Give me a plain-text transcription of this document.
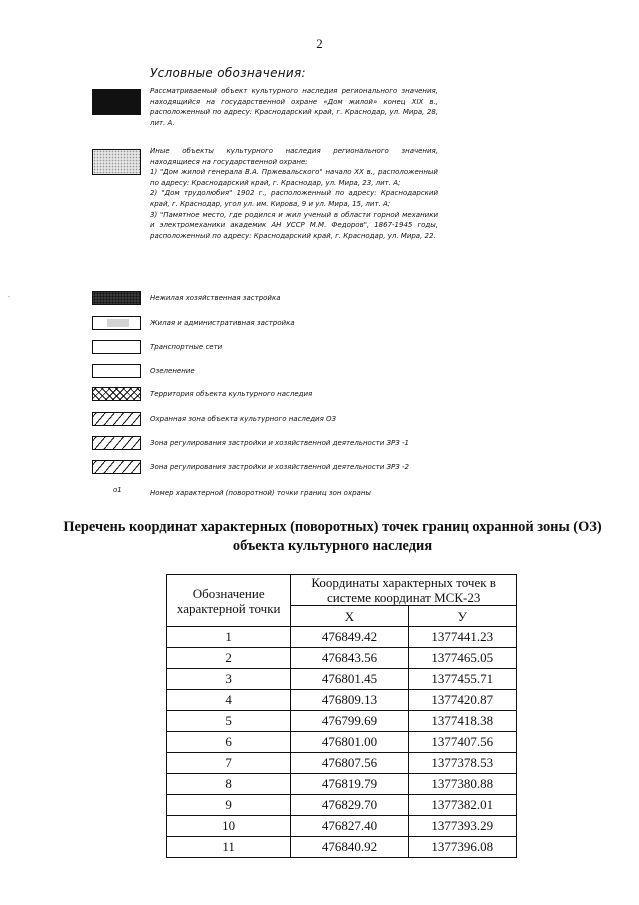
2
Условные обозначения:

Рассматриваемый объект культурного наследия регионального значения, находящийся на государственной охране «Дом жилой» конец XIX в., расположенный по адресу: Краснодарский край, г. Краснодар, ул. Мира, 28, лит. А.

Иные объекты культурного наследия регионального значения, находящиеся на государственной охране:

1) "Дом жилой генерала В.А. Пржевальского" начало XX в., расположенный по адресу: Краснодарский край, г. Краснодар, ул. Мира, 23, лит. А;

2) "Дом трудолюбия" 1902 г., расположенный по адресу: Краснодарский край, г. Краснодар, угол ул. им. Кирова, 9 и ул. Мира, 15, лит. А;

3) "Памятное место, где родился и жил ученый в области горной механики и электромеханики академик АН УССР М.М. Федоров", 1867-1945 годы, расположенный по адресу: Краснодарский край, г. Краснодар, ул. Мира, 22.

.	Нежилая хозяйственная застройка
Жилая и административная застройка
Транспортные сети
Озеленение
Территория объекта культурного наследия
Охранная зона объекта культурного наследия ОЗ
Зона регулирования застройки и хозяйственной деятельности ЗРЗ -1
Зона регулирования застройки и хозяйственной деятельности ЗРЗ -2
о1	Номер характерной (поворотной) точки границ зон охраны
Перечень координат характерных (поворотных) точек границ охранной зоны (ОЗ) объекта культурного наследия
Обозначение характерной точки	Координаты характерных точек в системе координат МСК-23	
	X	У
1	476849.42	1377441.23
2	476843.56	1377465.05
3	476801.45	1377455.71
4	476809.13	1377420.87
5	476799.69	1377418.38
6	476801.00	1377407.56
7	476807.56	1377378.53
8	476819.79	1377380.88
9	476829.70	1377382.01
10	476827.40	1377393.29
11	476840.92	1377396.08
